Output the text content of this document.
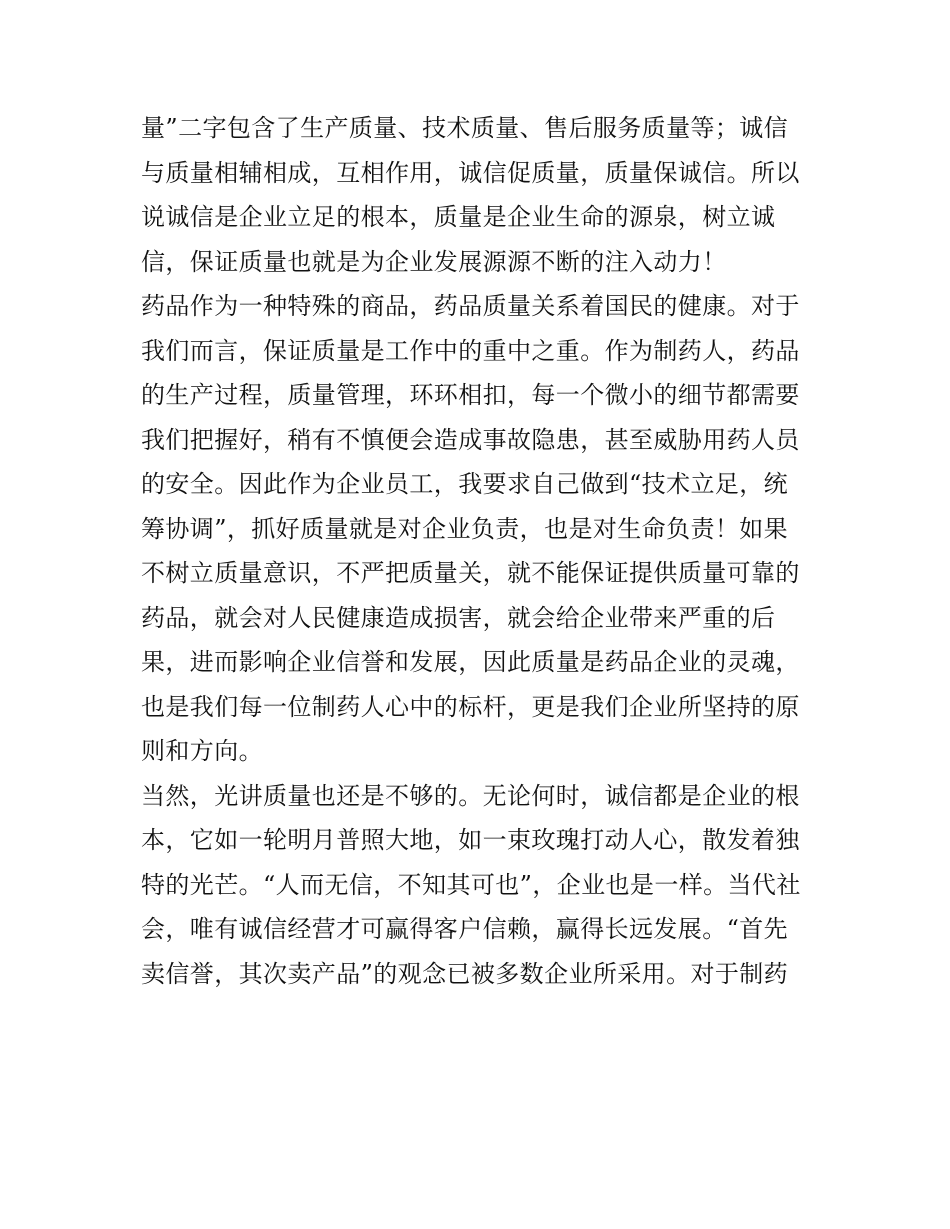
量”二字包含了生产质量、技术质量、售后服务质量等；诚信
与质量相辅相成，互相作用，诚信促质量，质量保诚信。所以
说诚信是企业立足的根本，质量是企业生命的源泉，树立诚
信，保证质量也就是为企业发展源源不断的注入动力！
药品作为一种特殊的商品，药品质量关系着国民的健康。对于
我们而言，保证质量是工作中的重中之重。作为制药人，药品
的生产过程，质量管理，环环相扣，每一个微小的细节都需要
我们把握好，稍有不慎便会造成事故隐患，甚至威胁用药人员
的安全。因此作为企业员工，我要求自己做到“技术立足，统
筹协调”，抓好质量就是对企业负责，也是对生命负责！如果
不树立质量意识，不严把质量关，就不能保证提供质量可靠的
药品，就会对人民健康造成损害，就会给企业带来严重的后
果，进而影响企业信誉和发展，因此质量是药品企业的灵魂，
也是我们每一位制药人心中的标杆，更是我们企业所坚持的原
则和方向。
当然，光讲质量也还是不够的。无论何时，诚信都是企业的根
本，它如一轮明月普照大地，如一束玫瑰打动人心，散发着独
特的光芒。“人而无信，不知其可也”，企业也是一样。当代社
会，唯有诚信经营才可赢得客户信赖，赢得长远发展。“首先
卖信誉，其次卖产品”的观念已被多数企业所采用。对于制药
